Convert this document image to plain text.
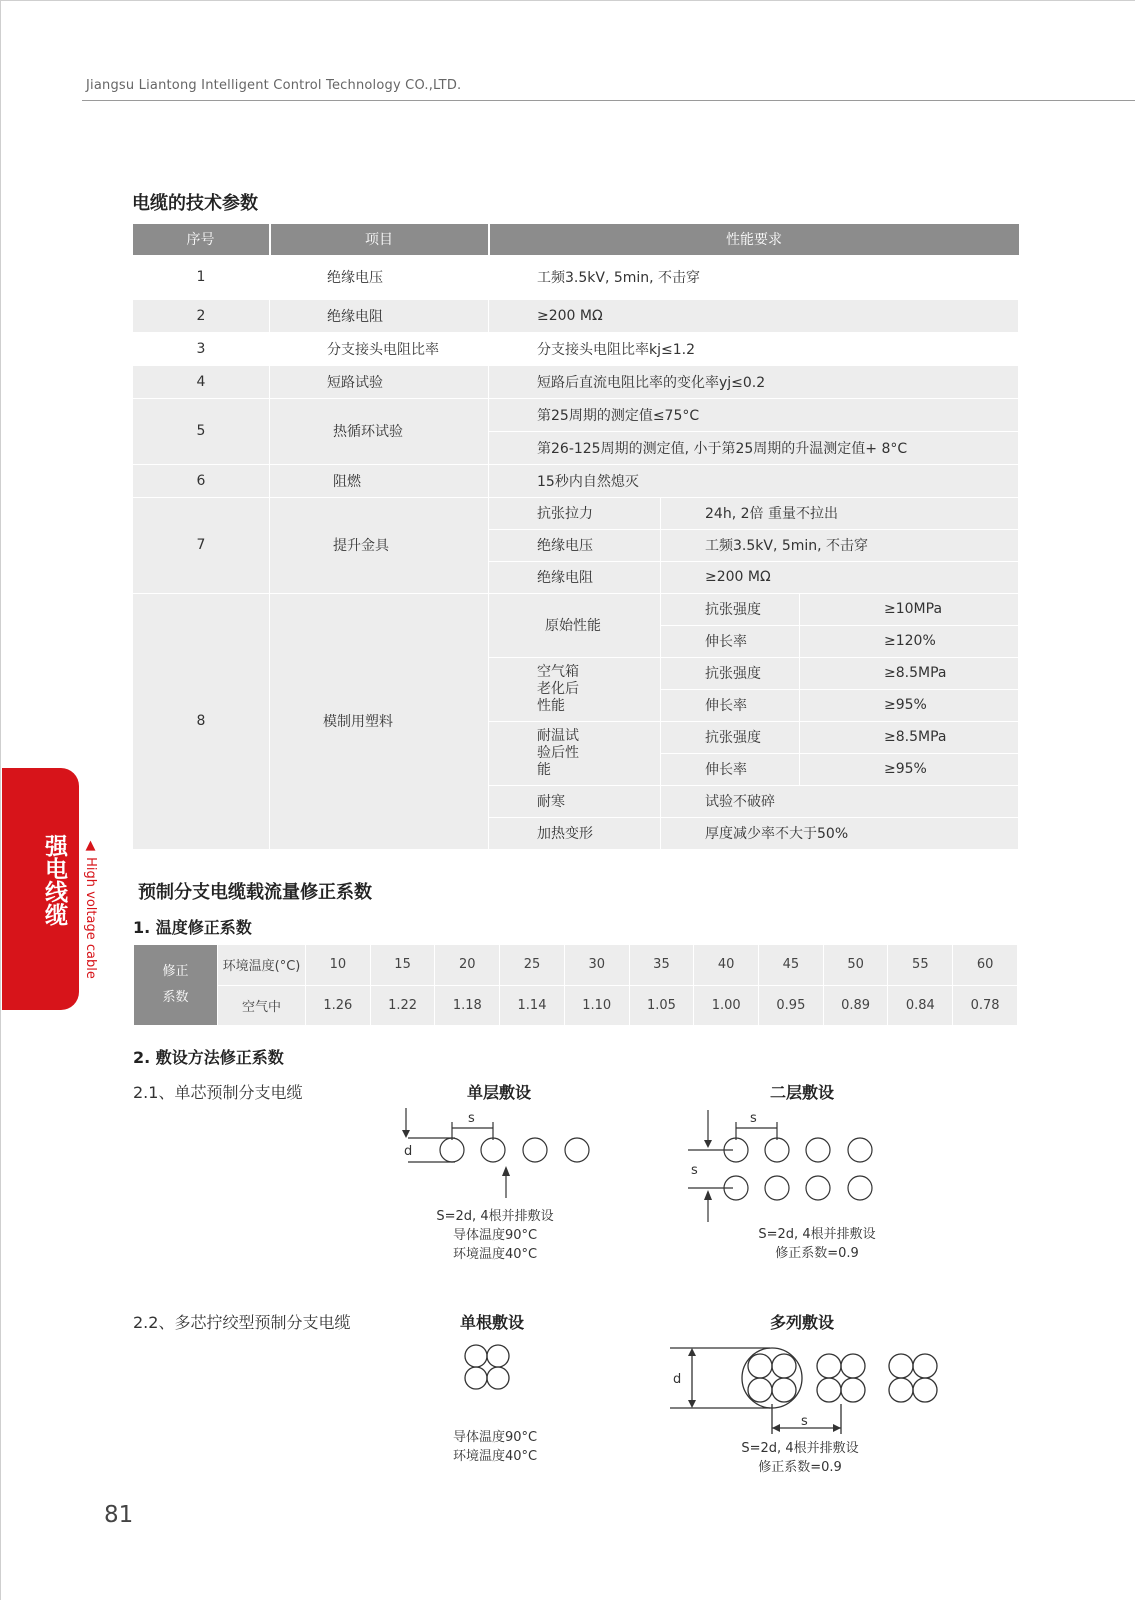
Jiangsu Liantong Intelligent Control Technology CO.,LTD.
强电线缆 ▲ High voltage cable
电缆的技术参数
序号	项目	性能要求		
1	绝缘电压	工频3.5kV, 5min, 不击穿		
2	绝缘电阻	≥200 MΩ		
3	分支接头电阻比率	分支接头电阻比率kj≤1.2		
4	短路试验	短路后直流电阻比率的变化率yj≤0.2		
5	热循环试验	第25周期的测定值≤75°C		
		第26-125周期的测定值, 小于第25周期的升温测定值+ 8°C		
6	阻燃	15秒内自然熄灭		
7	提升金具	抗张拉力	24h, 2倍 重量不拉出	
		绝缘电压	工频3.5kV, 5min, 不击穿	
		绝缘电阻	≥200 MΩ	
8	模制用塑料	原始性能	抗张强度	≥10MPa
			伸长率	≥120%
		空气箱老化后性能	抗张强度	≥8.5MPa
			伸长率	≥95%
		耐温试验后性能	抗张强度	≥8.5MPa
			伸长率	≥95%
		耐寒	试验不破碎	
		加热变形	厚度减少率不大于50%	
预制分支电缆载流量修正系数
1. 温度修正系数
修正系数	环境温度(°C)	10	15	20	25	30	35	40	45	50	55	60
	空气中	1.26	1.22	1.18	1.14	1.10	1.05	1.00	0.95	0.89	0.84	0.78
2. 敷设方法修正系数
2.1、单芯预制分支电缆	单层敷设	二层敷设
s
d
S=2d, 4根并排敷设
导体温度90°C
环境温度40°C
s
s
S=2d, 4根并排敷设
修正系数=0.9
2.2、多芯拧绞型预制分支电缆	单根敷设	多列敷设
导体温度90°C
环境温度40°C
d
s
S=2d, 4根并排敷设
修正系数=0.9
81
